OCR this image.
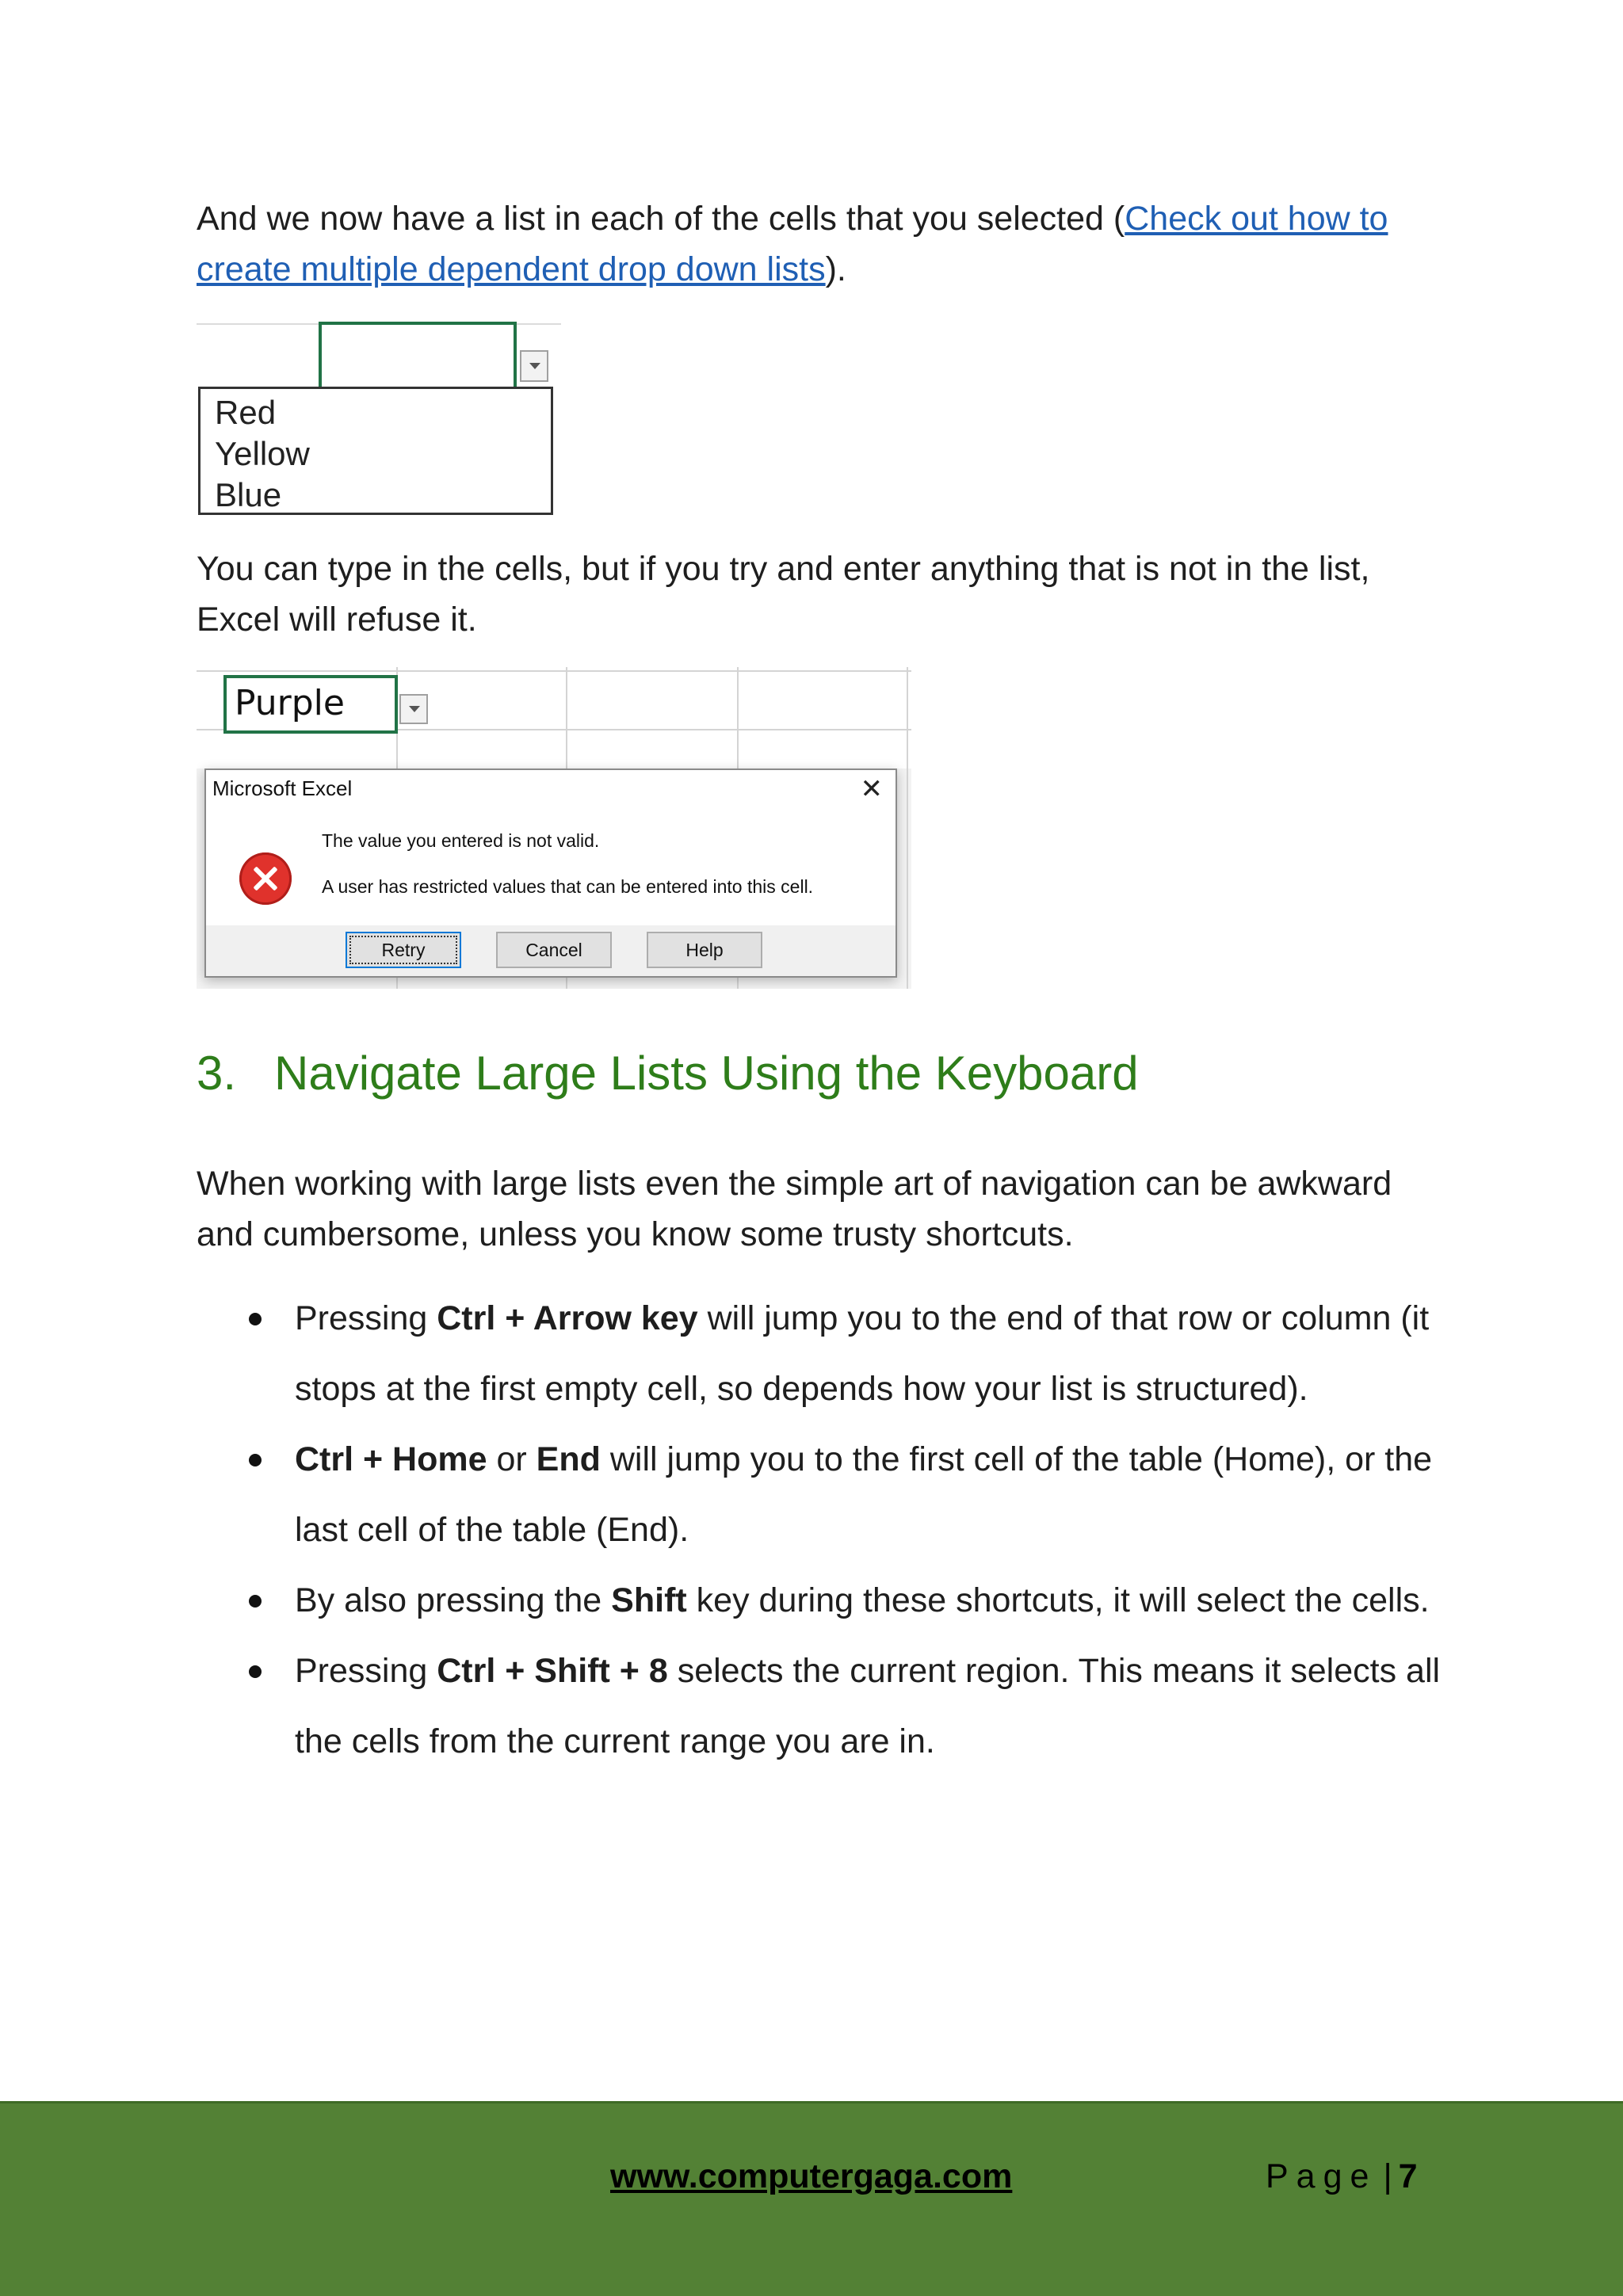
And we now have a list in each of the cells that you selected (Check out how to create multiple dependent drop down lists).

Red
Yellow
Blue

You can type in the cells, but if you try and enter anything that is not in the list, Excel will refuse it.

Purple
Microsoft Excel	✕
The value you entered is not valid.
A user has restricted values that can be entered into this cell.
Retry	Cancel	Help
3. Navigate Large Lists Using the Keyboard

When working with large lists even the simple art of navigation can be awkward and cumbersome, unless you know some trusty shortcuts.

Pressing Ctrl + Arrow key will jump you to the end of that row or column (it stops at the first empty cell, so depends how your list is structured).
Ctrl + Home or End will jump you to the first cell of the table (Home), or the last cell of the table (End).
By also pressing the Shift key during these shortcuts, it will select the cells.
Pressing Ctrl + Shift + 8 selects the current region. This means it selects all the cells from the current range you are in.
www.computergaga.com	Page | 7
